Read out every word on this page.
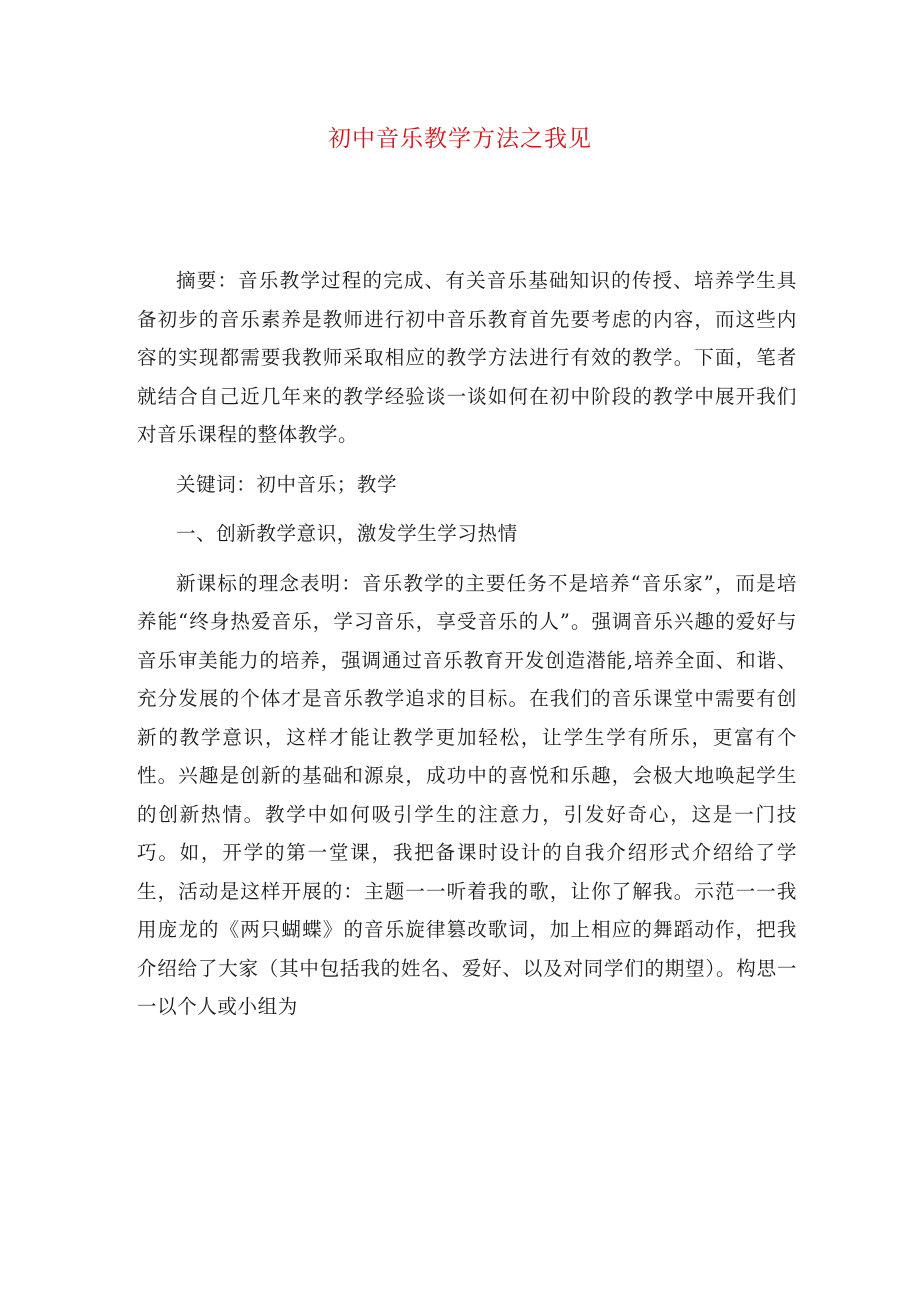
初中音乐教学方法之我见

摘要：音乐教学过程的完成、有关音乐基础知识的传授、培养学生具备初步的音乐素养是教师进行初中音乐教育首先要考虑的内容，而这些内容的实现都需要我教师采取相应的教学方法进行有效的教学。下面，笔者就结合自己近几年来的教学经验谈一谈如何在初中阶段的教学中展开我们对音乐课程的整体教学。

关键词：初中音乐；教学

一、创新教学意识，激发学生学习热情

新课标的理念表明：音乐教学的主要任务不是培养“音乐家”，而是培养能“终身热爱音乐，学习音乐，享受音乐的人”。强调音乐兴趣的爱好与音乐审美能力的培养，强调通过音乐教育开发创造潜能,培养全面、和谐、充分发展的个体才是音乐教学追求的目标。在我们的音乐课堂中需要有创新的教学意识，这样才能让教学更加轻松，让学生学有所乐，更富有个性。兴趣是创新的基础和源泉，成功中的喜悦和乐趣，会极大地唤起学生的创新热情。教学中如何吸引学生的注意力，引发好奇心，这是一门技巧。如，开学的第一堂课，我把备课时设计的自我介绍形式介绍给了学生，活动是这样开展的：主题一一听着我的歌，让你了解我。示范一一我用庞龙的《两只蝴蝶》的音乐旋律篡改歌词，加上相应的舞蹈动作，把我介绍给了大家（其中包括我的姓名、爱好、以及对同学们的期望）。构思一一以个人或小组为
